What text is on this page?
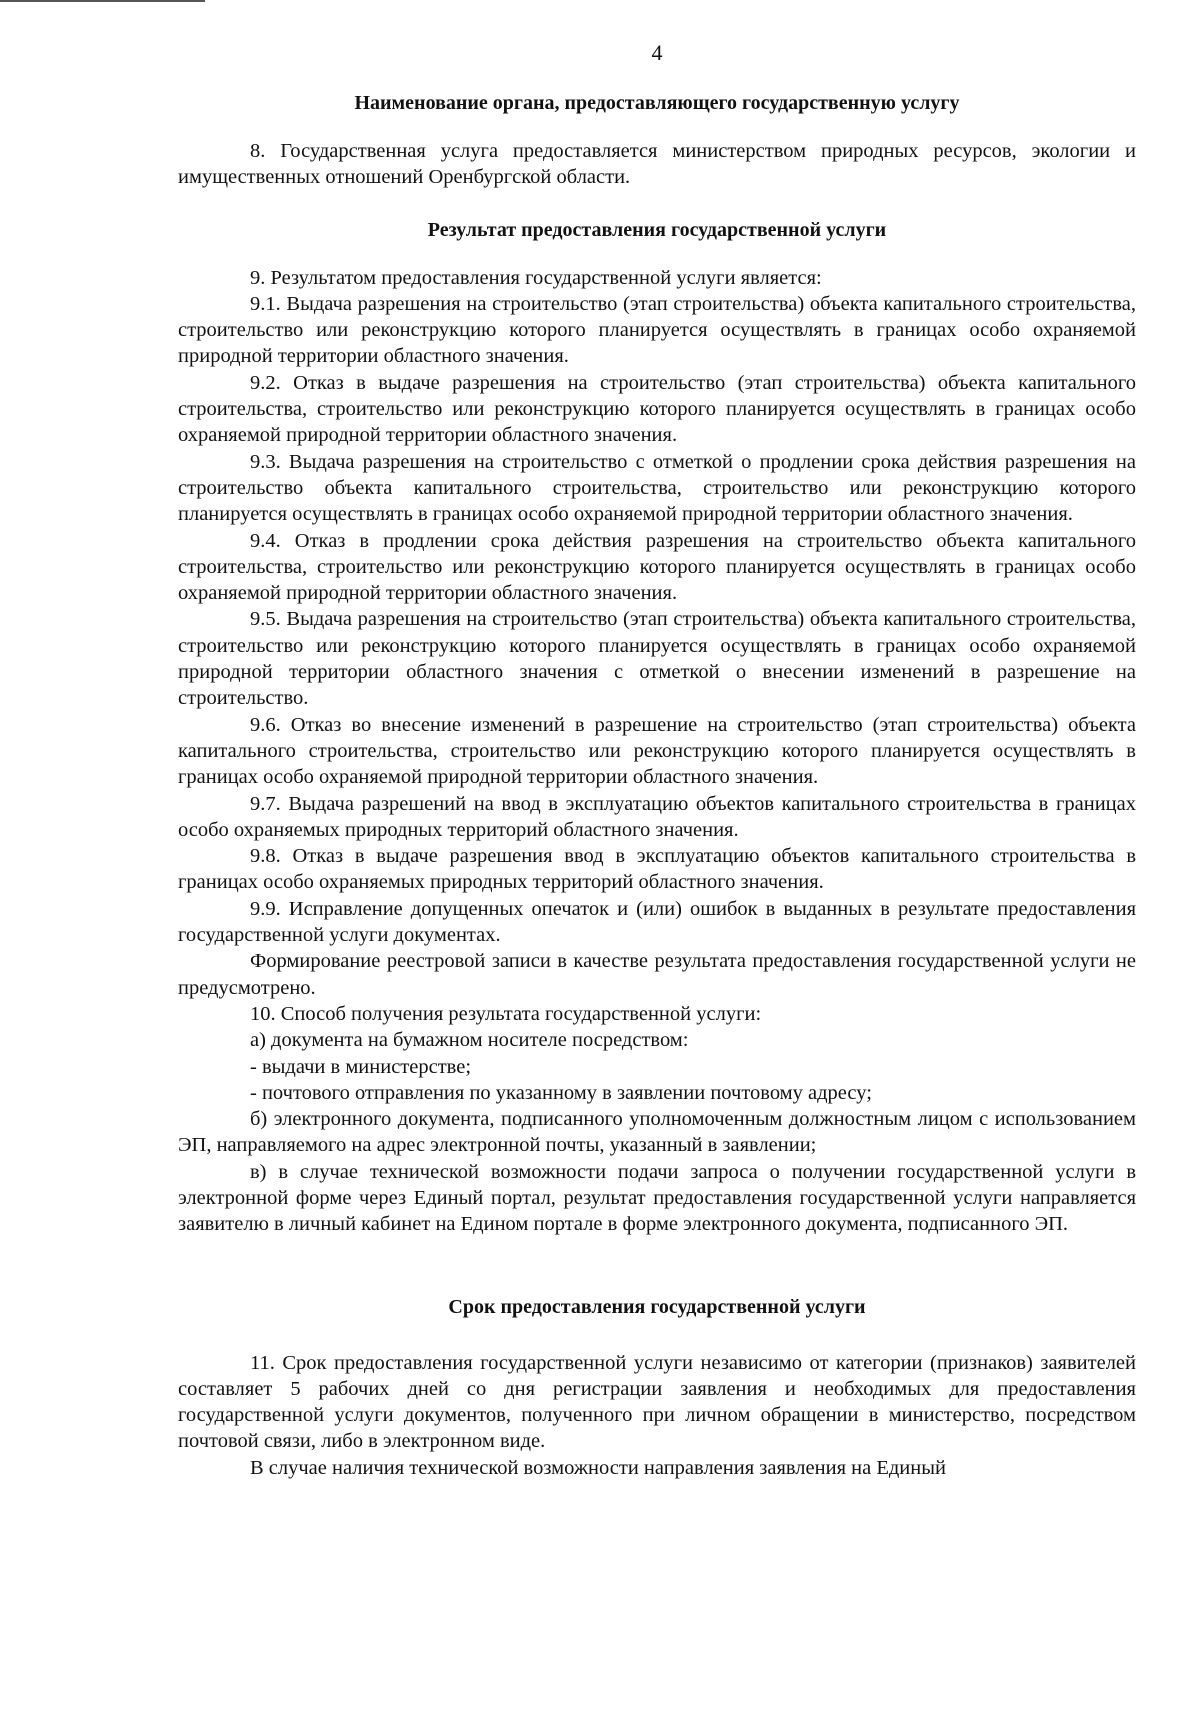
4
Наименование органа, предоставляющего государственную услугу

8. Государственная услуга предоставляется министерством природных ресурсов, экологии и имущественных отношений Оренбургской области.

Результат предоставления государственной услуги

9. Результатом предоставления государственной услуги является:

9.1. Выдача разрешения на строительство (этап строительства) объекта капитального строительства, строительство или реконструкцию которого планируется осуществлять в границах особо охраняемой природной территории областного значения.

9.2. Отказ в выдаче разрешения на строительство (этап строительства) объекта капитального строительства, строительство или реконструкцию которого планируется осуществлять в границах особо охраняемой природной территории областного значения.

9.3. Выдача разрешения на строительство с отметкой о продлении срока действия разрешения на строительство объекта капитального строительства, строительство или реконструкцию которого планируется осуществлять в границах особо охраняемой природной территории областного значения.

9.4. Отказ в продлении срока действия разрешения на строительство объекта капитального строительства, строительство или реконструкцию которого планируется осуществлять в границах особо охраняемой природной территории областного значения.

9.5. Выдача разрешения на строительство (этап строительства) объекта капитального строительства, строительство или реконструкцию которого планируется осуществлять в границах особо охраняемой природной территории областного значения с отметкой о внесении изменений в разрешение на строительство.

9.6. Отказ во внесение изменений в разрешение на строительство (этап строительства) объекта капитального строительства, строительство или реконструкцию которого планируется осуществлять в границах особо охраняемой природной территории областного значения.

9.7. Выдача разрешений на ввод в эксплуатацию объектов капитального строительства в границах особо охраняемых природных территорий областного значения.

9.8. Отказ в выдаче разрешения ввод в эксплуатацию объектов капитального строительства в границах особо охраняемых природных территорий областного значения.

9.9. Исправление допущенных опечаток и (или) ошибок в выданных в результате предоставления государственной услуги документах.

Формирование реестровой записи в качестве результата предоставления государственной услуги не предусмотрено.

10. Способ получения результата государственной услуги:

а) документа на бумажном носителе посредством:

- выдачи в министерстве;

- почтового отправления по указанному в заявлении почтовому адресу;

б) электронного документа, подписанного уполномоченным должностным лицом с использованием ЭП, направляемого на адрес электронной почты, указанный в заявлении;

в) в случае технической возможности подачи запроса о получении государственной услуги в электронной форме через Единый портал, результат предоставления государственной услуги направляется заявителю в личный кабинет на Едином портале в форме электронного документа, подписанного ЭП.

Срок предоставления государственной услуги

11. Срок предоставления государственной услуги независимо от категории (признаков) заявителей составляет 5 рабочих дней со дня регистрации заявления и необходимых для предоставления государственной услуги документов, полученного при личном обращении в министерство, посредством почтовой связи, либо в электронном виде.

В случае наличия технической возможности направления заявления на Единый
